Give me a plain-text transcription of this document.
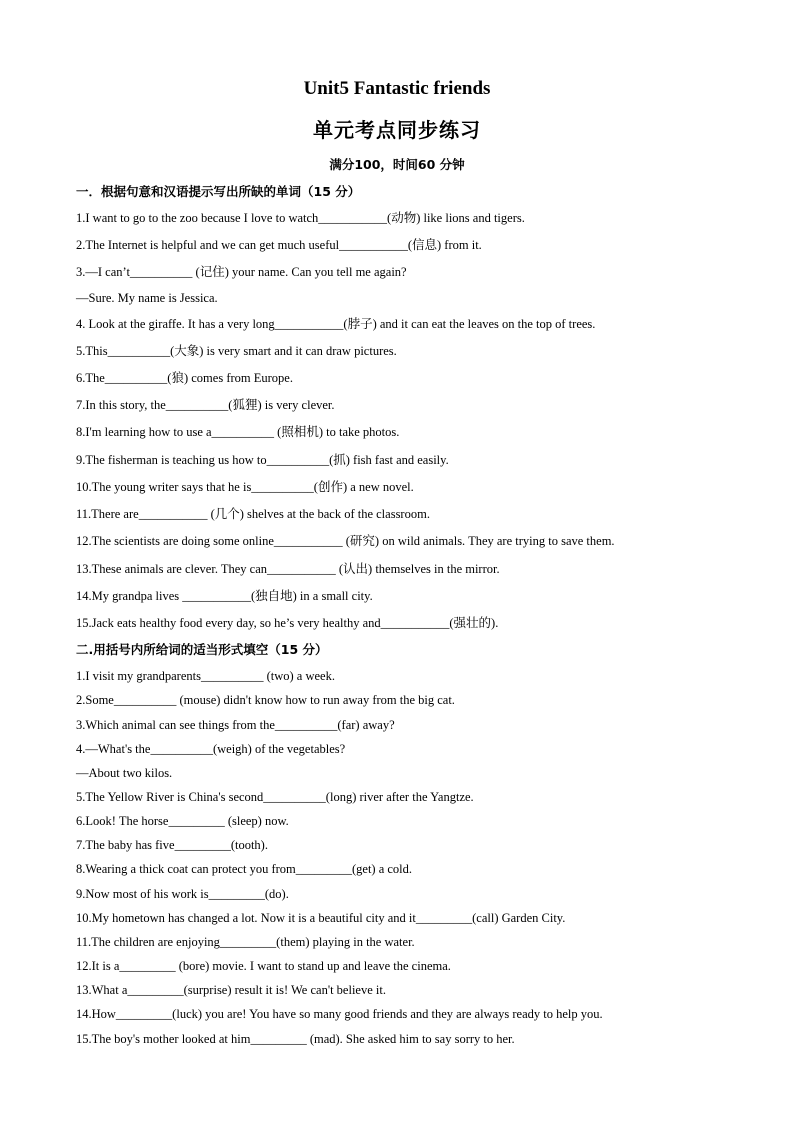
Unit5 Fantastic friends
单元考点同步练习
满分100，时间60 分钟
一．根据句意和汉语提示写出所缺的单词（15 分）
1.I want to go to the zoo because I love to watch___________(动物) like lions and tigers.
2.The Internet is helpful and we can get much useful___________(信息) from it.
3.—I can’t__________ (记住) your name. Can you tell me again?
—Sure. My name is Jessica.
4. Look at the giraffe. It has a very long___________(脖子) and it can eat the leaves on the top of trees.
5.This__________(大象) is very smart and it can draw pictures.
6.The__________(狼) comes from Europe.
7.In this story, the__________(狐狸) is very clever.
8.I'm learning how to use a__________ (照相机) to take photos.
9.The fisherman is teaching us how to__________(抓) fish fast and easily.
10.The young writer says that he is__________(创作) a new novel.
11.There are___________ (几个) shelves at the back of the classroom.
12.The scientists are doing some online___________ (研究) on wild animals. They are trying to save them.
13.These animals are clever. They can___________ (认出) themselves in the mirror.
14.My grandpa lives ___________(独自地) in a small city.
15.Jack eats healthy food every day, so he’s very healthy and___________(强壮的).
二.用括号内所给词的适当形式填空（15 分）
1.I visit my grandparents__________ (two) a week.
2.Some__________ (mouse) didn't know how to run away from the big cat.
3.Which animal can see things from the__________(far) away?
4.—What's the__________(weigh) of the vegetables?
—About two kilos.
5.The Yellow River is China's second__________(long) river after the Yangtze.
6.Look! The horse_________ (sleep) now.
7.The baby has five_________(tooth).
8.Wearing a thick coat can protect you from_________(get) a cold.
9.Now most of his work is_________(do).
10.My hometown has changed a lot. Now it is a beautiful city and it_________(call) Garden City.
11.The children are enjoying_________(them) playing in the water.
12.It is a_________ (bore) movie. I want to stand up and leave the cinema.
13.What a_________(surprise) result it is! We can't believe it.
14.How_________(luck) you are! You have so many good friends and they are always ready to help you.
15.The boy's mother looked at him_________ (mad). She asked him to say sorry to her.
